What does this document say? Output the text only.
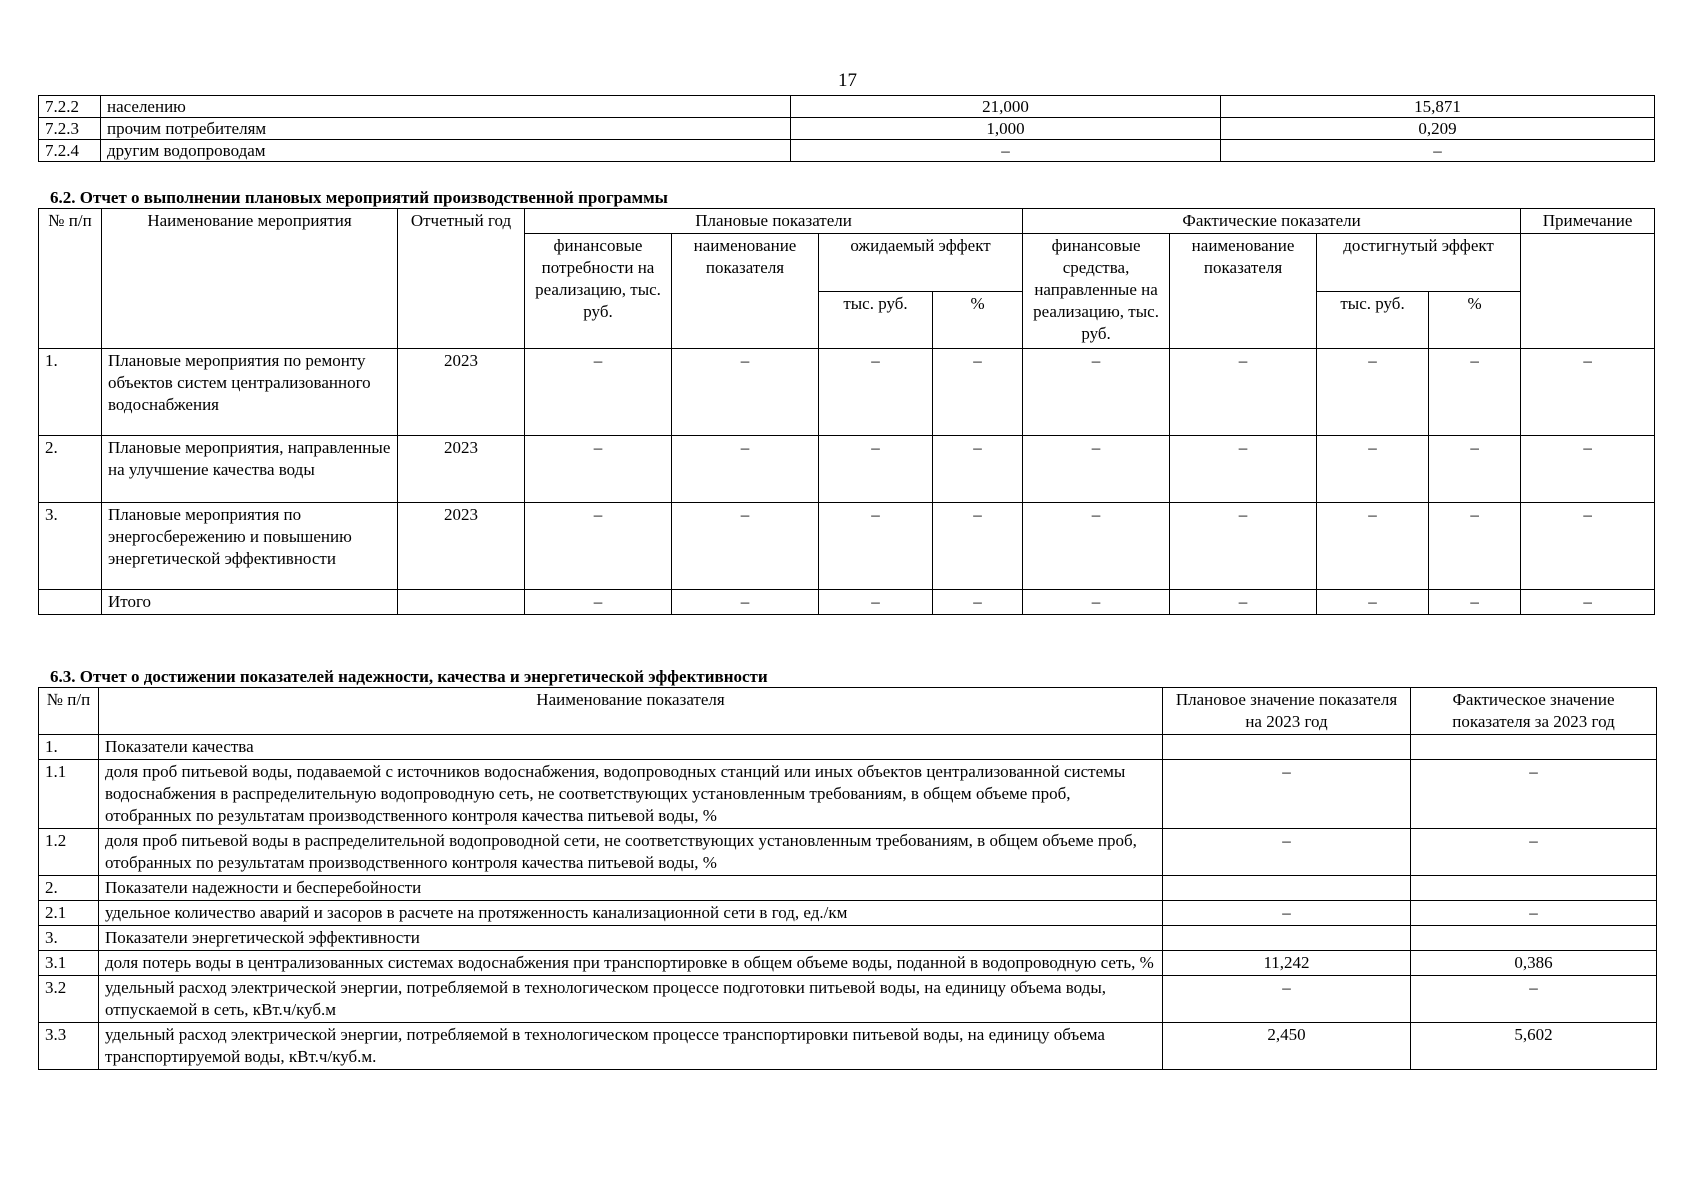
17
7.2.2	населению	21,000	15,871
7.2.3	прочим потребителям	1,000	0,209
7.2.4	другим водопроводам	–	–
6.2. Отчет о выполнении плановых мероприятий производственной программы
№ п/п	Наименование мероприятия	Отчетный год	Плановые показатели				Фактические показатели				Примечание
			финансовые потребности на реализацию, тыс. руб.	наименование показателя	ожидаемый эффект		финансовые средства, направленные на реализацию, тыс. руб.	наименование показателя	достигнутый эффект		
					тыс. руб.	%			тыс. руб.	%	
1.	Плановые мероприятия по ремонту объектов систем централизованного водоснабжения	2023	–	–	–	–	–	–	–	–	–
2.	Плановые мероприятия, направленные на улучшение качества воды	2023	–	–	–	–	–	–	–	–	–
3.	Плановые мероприятия по энергосбережению и повышению энергетической эффективности	2023	–	–	–	–	–	–	–	–	–
	Итого		–	–	–	–	–	–	–	–	–
6.3. Отчет о достижении показателей надежности, качества и энергетической эффективности
№ п/п	Наименование показателя	Плановое значение показателя на 2023 год	Фактическое значение показателя за 2023 год
1.	Показатели качества		
1.1	доля проб питьевой воды, подаваемой с источников водоснабжения, водопроводных станций или иных объектов централизованной системы водоснабжения в распределительную водопроводную сеть, не соответствующих установленным требованиям, в общем объеме проб, отобранных по результатам производственного контроля качества питьевой воды, %	–	–
1.2	доля проб питьевой воды в распределительной водопроводной сети, не соответствующих установленным требованиям, в общем объеме проб, отобранных по результатам производственного контроля качества питьевой воды, %	–	–
2.	Показатели надежности и бесперебойности		
2.1	удельное количество аварий и засоров в расчете на протяженность канализационной сети в год, ед./км	–	–
3.	Показатели энергетической эффективности		
3.1	доля потерь воды в централизованных системах водоснабжения при транспортировке в общем объеме воды, поданной в водопроводную сеть, %	11,242	0,386
3.2	удельный расход электрической энергии, потребляемой в технологическом процессе подготовки питьевой воды, на единицу объема воды, отпускаемой в сеть, кВт.ч/куб.м	–	–
3.3	удельный расход электрической энергии, потребляемой в технологическом процессе транспортировки питьевой воды, на единицу объема транспортируемой воды, кВт.ч/куб.м.	2,450	5,602
